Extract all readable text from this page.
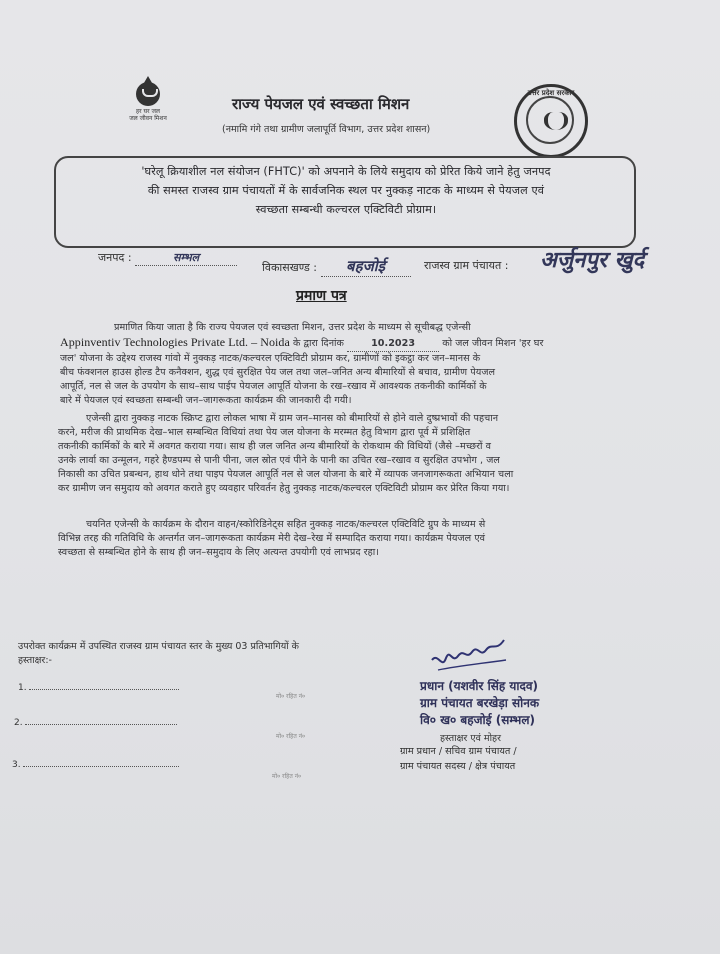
हर घर जल
जल जीवन मिशन
उत्तर प्रदेश सरकार
राज्य पेयजल एवं स्वच्छता मिशन
(नमामि गंगे तथा ग्रामीण जलापूर्ति विभाग, उत्तर प्रदेश शासन)
'घरेलू क्रियाशील नल संयोजन (FHTC)' को अपनाने के लिये समुदाय को प्रेरित किये जाने हेतु जनपद
की समस्त राजस्व ग्राम पंचायतों में के सार्वजनिक स्थल पर नुक्कड़ नाटक के माध्यम से पेयजल एवं
स्वच्छता सम्बन्धी कल्चरल एक्टिविटी प्रोग्राम।
जनपद :	सम्भल
विकासखण्ड : बहजोई	राजस्व ग्राम पंचायत : अर्जुनपुर खुर्द
प्रमाण पत्र
प्रमाणित किया जाता है कि राज्य पेयजल एवं स्वच्छता मिशन, उत्तर प्रदेश के माध्यम से सूचीबद्ध एजेन्सी
Appinventiv Technologies Private Ltd. – Noida के द्वारा दिनांक	10.2023	को जल जीवन मिशन 'हर घर
जल' योजना के उद्देश्य राजस्व गांवो में नुक्कड़ नाटक/कल्चरल एक्टिविटी प्रोग्राम कर, ग्रामीणों को इकट्ठा कर जन–मानस के
बीच फंक्शनल हाउस होल्ड टैप कनैक्शन, शुद्ध एवं सुरक्षित पेय जल तथा जल–जनित अन्य बीमारियों से बचाव, ग्रामीण पेयजल
आपूर्ति, नल से जल के उपयोग के साथ–साथ पाईप पेयजल आपूर्ति योजना के रख–रखाव में आवश्यक तकनीकी कार्मिकों के
बारे में पेयजल एवं स्वच्छता सम्बन्धी जन–जागरूकता कार्यक्रम की जानकारी दी गयी।
एजेन्सी द्वारा नुक्कड़ नाटक स्क्रिप्ट द्वारा लोकल भाषा में ग्राम जन–मानस को बीमारियों से होने वाले दुष्प्रभावों की पहचान
करने, मरीज की प्राथमिक देख–भाल सम्बन्धित विधियां तथा पेय जल योजना के मरम्मत हेतु विभाग द्वारा पूर्व में प्रशिक्षित
तकनीकी कार्मिकों के बारे में अवगत कराया गया। साथ ही जल जनित अन्य बीमारियों के रोकथाम की विधियों (जैसे –मच्छरों व
उनके लार्वा का उन्मूलन, गहरे हैण्डपम्प से पानी पीना, जल स्रोत एवं पीने के पानी का उचित रख–रखाव व सुरक्षित उपभोग , जल
निकासी का उचित प्रबन्धन, हाथ धोने तथा पाइप पेयजल आपूर्ति नल से जल योजना के बारे में व्यापक जनजागरूकता अभियान चला
कर ग्रामीण जन समुदाय को अवगत कराते हुए व्यवहार परिवर्तन हेतु नुक्कड़ नाटक/कल्चरल एक्टिविटी प्रोग्राम कर प्रेरित किया गया।
चयनित एजेन्सी के कार्यक्रम के दौरान वाहन/स्कोरिडिनेट्स सहित नुक्कड़ नाटक/कल्चरल एक्टिविटि ग्रुप के माध्यम से
विभिन्न तरह की गतिविधि के अन्तर्गत जन–जागरूकता कार्यक्रम मेरी देख–रेख में सम्पादित कराया गया। कार्यक्रम पेयजल एवं
स्वच्छता से सम्बन्धित होने के साथ ही जन–समुदाय के लिए अत्यन्त उपयोगी एवं लाभप्रद रहा।
उपरोक्त कार्यक्रम में उपस्थित राजस्व ग्राम पंचायत स्तर के मुख्य 03 प्रतिभागियों के
हस्ताक्षर:-
1.
मो० रहित नं०
2.
मो० रहित नं०
3.
मो० रहित नं०
प्रधान (यशवीर सिंह यादव)
ग्राम पंचायत बरखेड़ा सोनक
वि० ख० बहजोई (सम्भल)
हस्ताक्षर एवं मोहर
ग्राम प्रधान / सचिव ग्राम पंचायत /
ग्राम पंचायत सदस्य / क्षेत्र पंचायत
